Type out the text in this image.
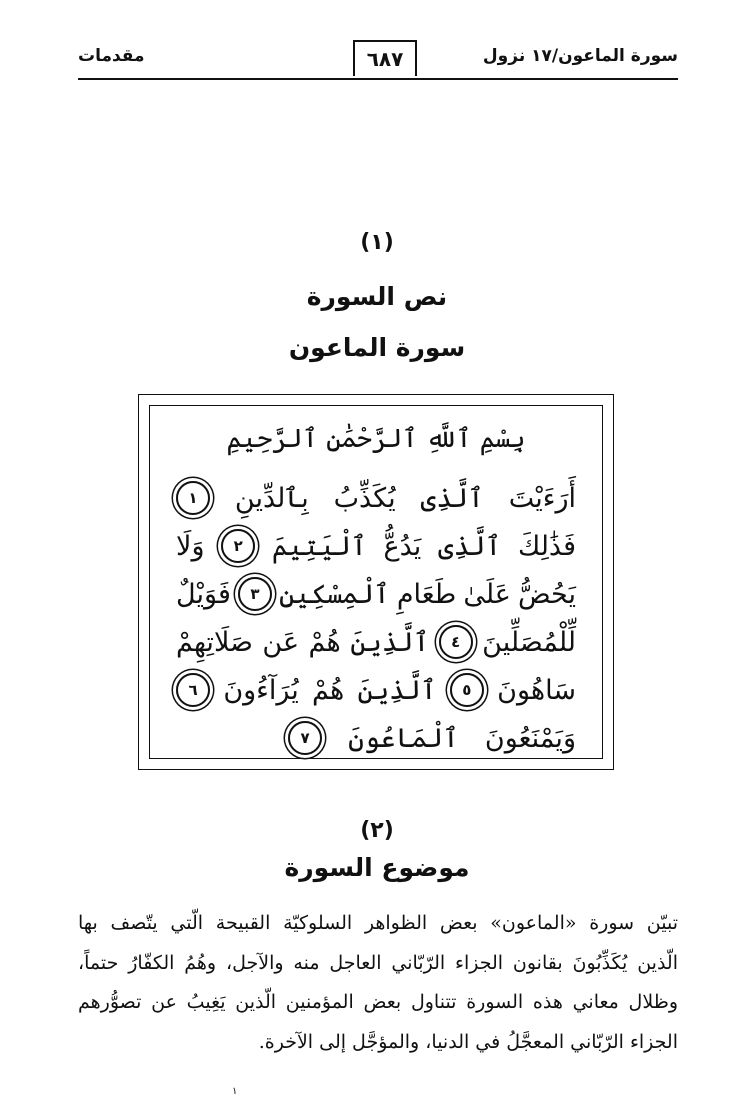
سورة الماعون/١٧ نزول
٦٨٧
مقدمات
(١)
نص السورة
سورة الماعون
بِسْمِ ٱللَّهِ ٱلرَّحْمَٰنِ ٱلرَّحِيمِ
أَرَءَيْتَ
ٱلَّذِى
يُكَذِّبُ
بِٱلدِّينِ
١
فَذَٰلِكَ
ٱلَّذِى
يَدُعُّ
ٱلْيَتِيمَ
٢
وَلَا
يَحُضُّ
عَلَىٰ
طَعَامِ
ٱلْمِسْكِينِ
٣
فَوَيْلٌ
لِّلْمُصَلِّينَ
٤
ٱلَّذِينَ
هُمْ
عَن
صَلَاتِهِمْ
سَاهُونَ
٥
ٱلَّذِينَ
هُمْ
يُرَآءُونَ
٦
وَيَمْنَعُونَ
ٱلْمَاعُونَ
٧
(٢)
موضوع السورة
تبيّن سورة «الماعون» بعض الظواهر السلوكيّة القبيحة الّتي يتّصف بها
الّذين يُكَذِّبُونَ بقانون الجزاء الرّبّاني العاجل منه والآجل، وهُمُ الكفّارُ حتماً،
وظلال معاني هذه السورة تتناول بعض المؤمنين الّذين يَغِيبُ عن تصوُّرهم
الجزاء الرّبّاني المعجَّلُ في الدنيا، والمؤجَّل إلى الآخرة.
١
